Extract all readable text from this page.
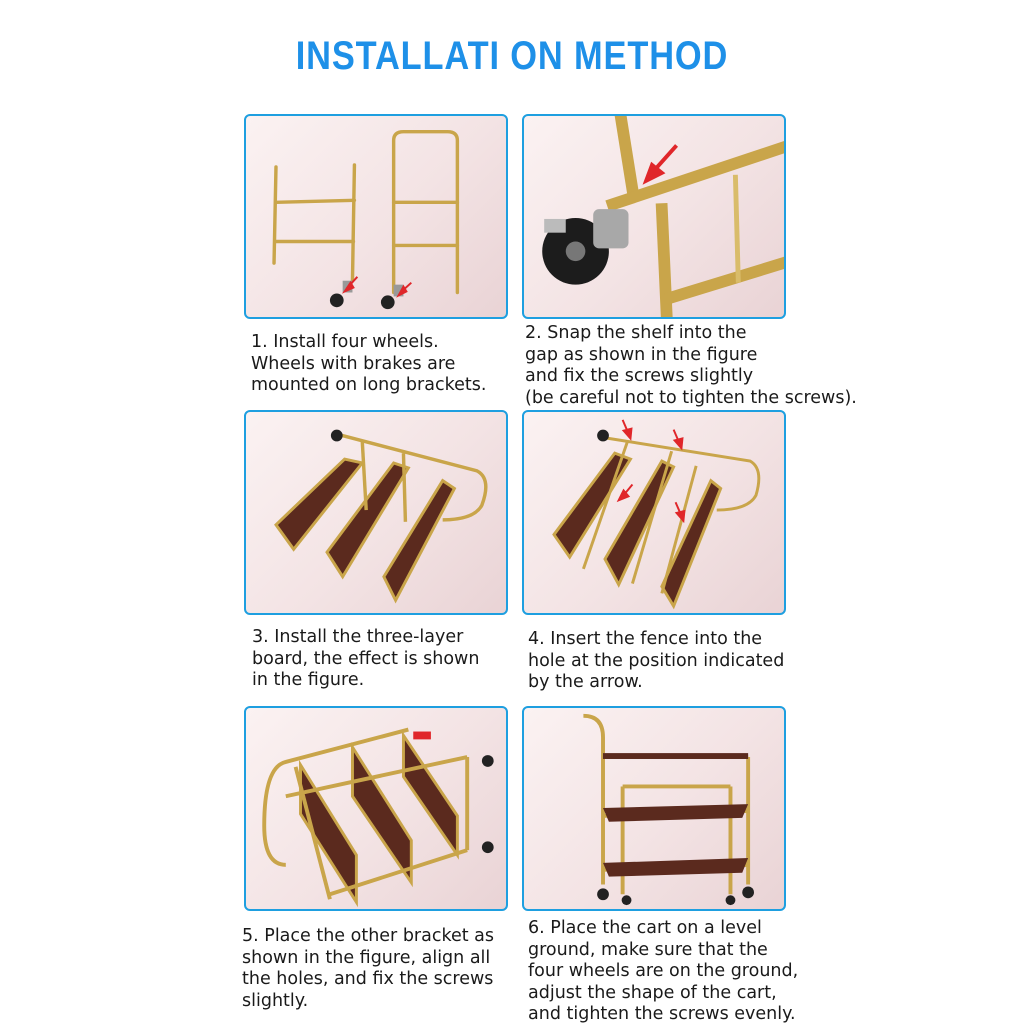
INSTALLATI ON METHOD
1. Install four wheels.
Wheels with brakes are
mounted on long brackets.
2. Snap the shelf into the
gap as shown in the figure
and fix the screws slightly
(be careful not to tighten the screws).
3. Install the three-layer
board, the effect is shown
in the figure.
4. Insert the fence into the
hole at the position indicated
by the arrow.
5. Place the other bracket as
shown in the figure, align all
the holes, and fix the screws
slightly.
6. Place the cart on a level
ground, make sure that the
four wheels are on the ground,
adjust the shape of the cart,
and tighten the screws evenly.
